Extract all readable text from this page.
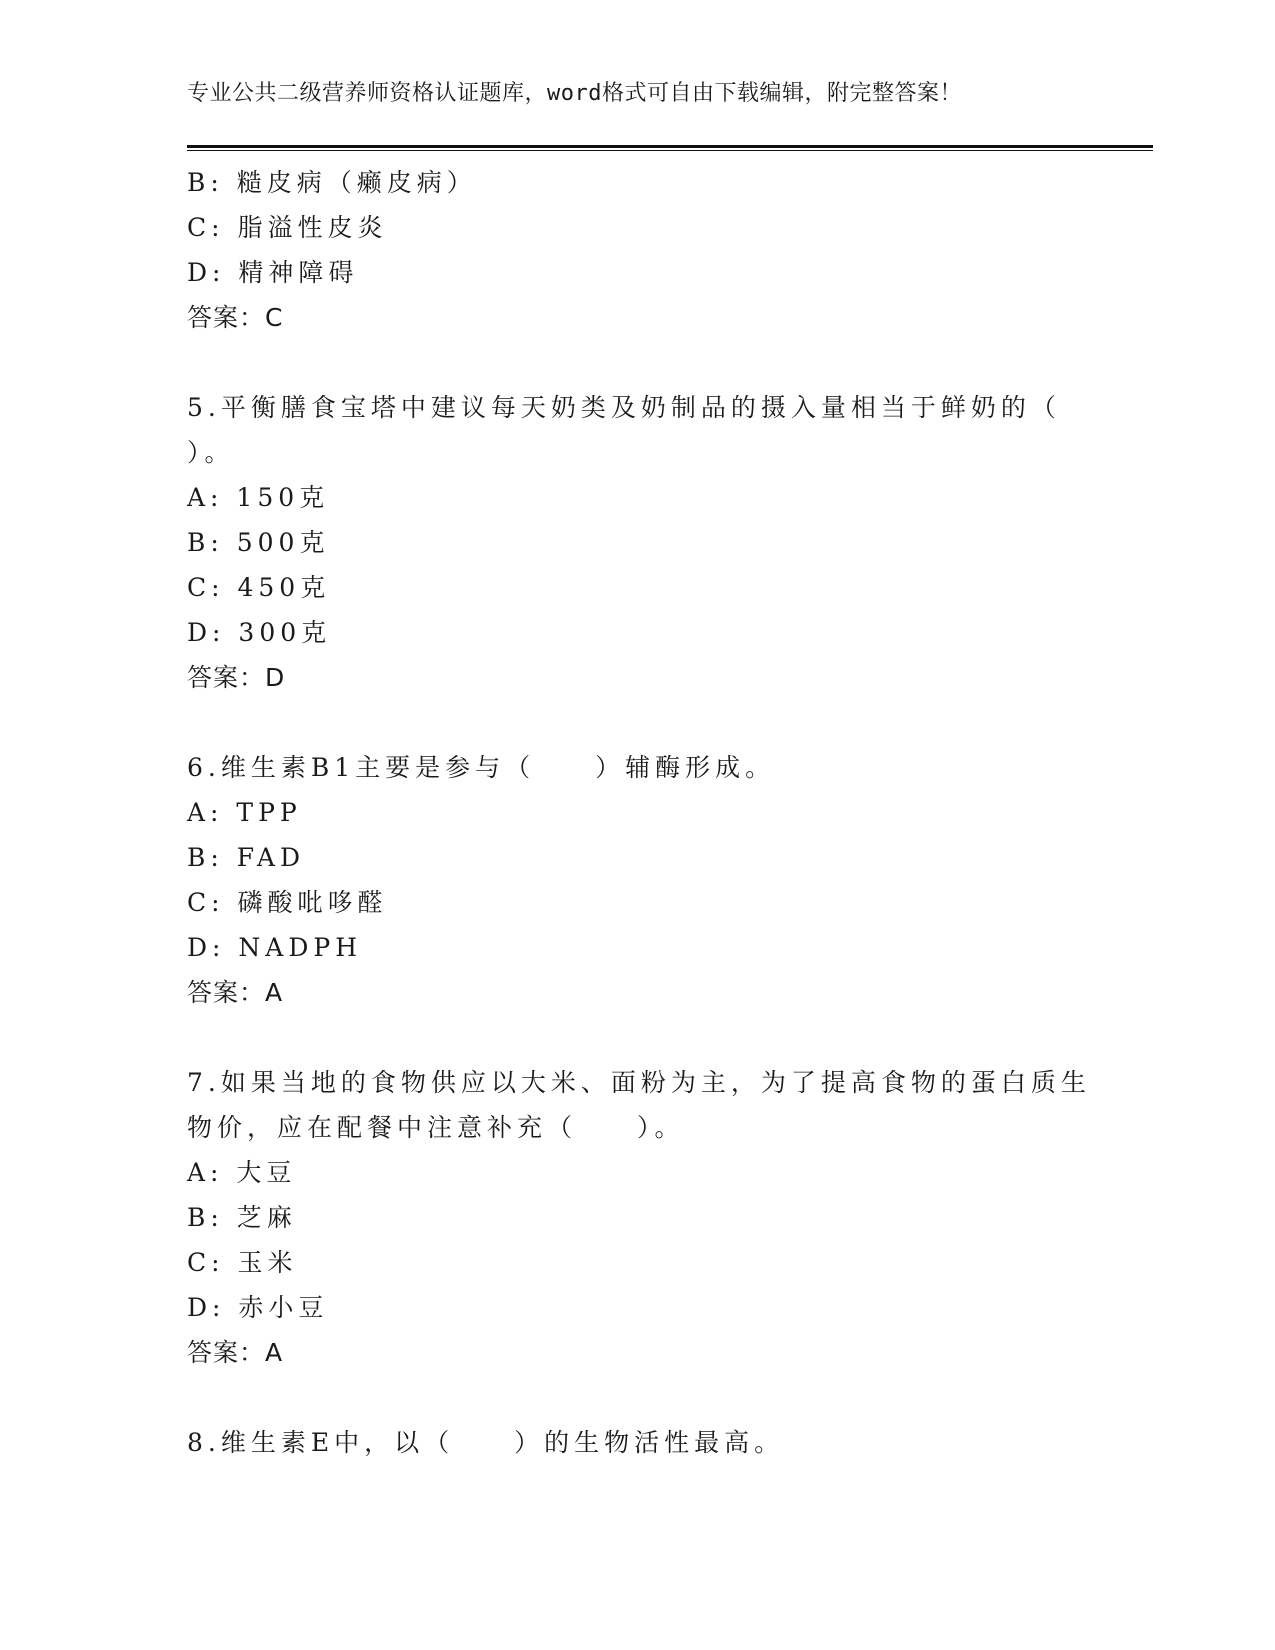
专业公共二级营养师资格认证题库，word格式可自由下载编辑，附完整答案！
B: 糙皮病（癞皮病）
C: 脂溢性皮炎
D: 精神障碍
答案：C
5.平衡膳食宝塔中建议每天奶类及奶制品的摄入量相当于鲜奶的（
）。
A: 150克
B: 500克
C: 450克
D: 300克
答案：D
6.维生素B1主要是参与（　　）辅酶形成。
A: TPP
B: FAD
C: 磷酸吡哆醛
D: NADPH
答案：A
7.如果当地的食物供应以大米、面粉为主，为了提高食物的蛋白质生
物价，应在配餐中注意补充（　　）。
A: 大豆
B: 芝麻
C: 玉米
D: 赤小豆
答案：A
8.维生素E中，以（　　）的生物活性最高。
